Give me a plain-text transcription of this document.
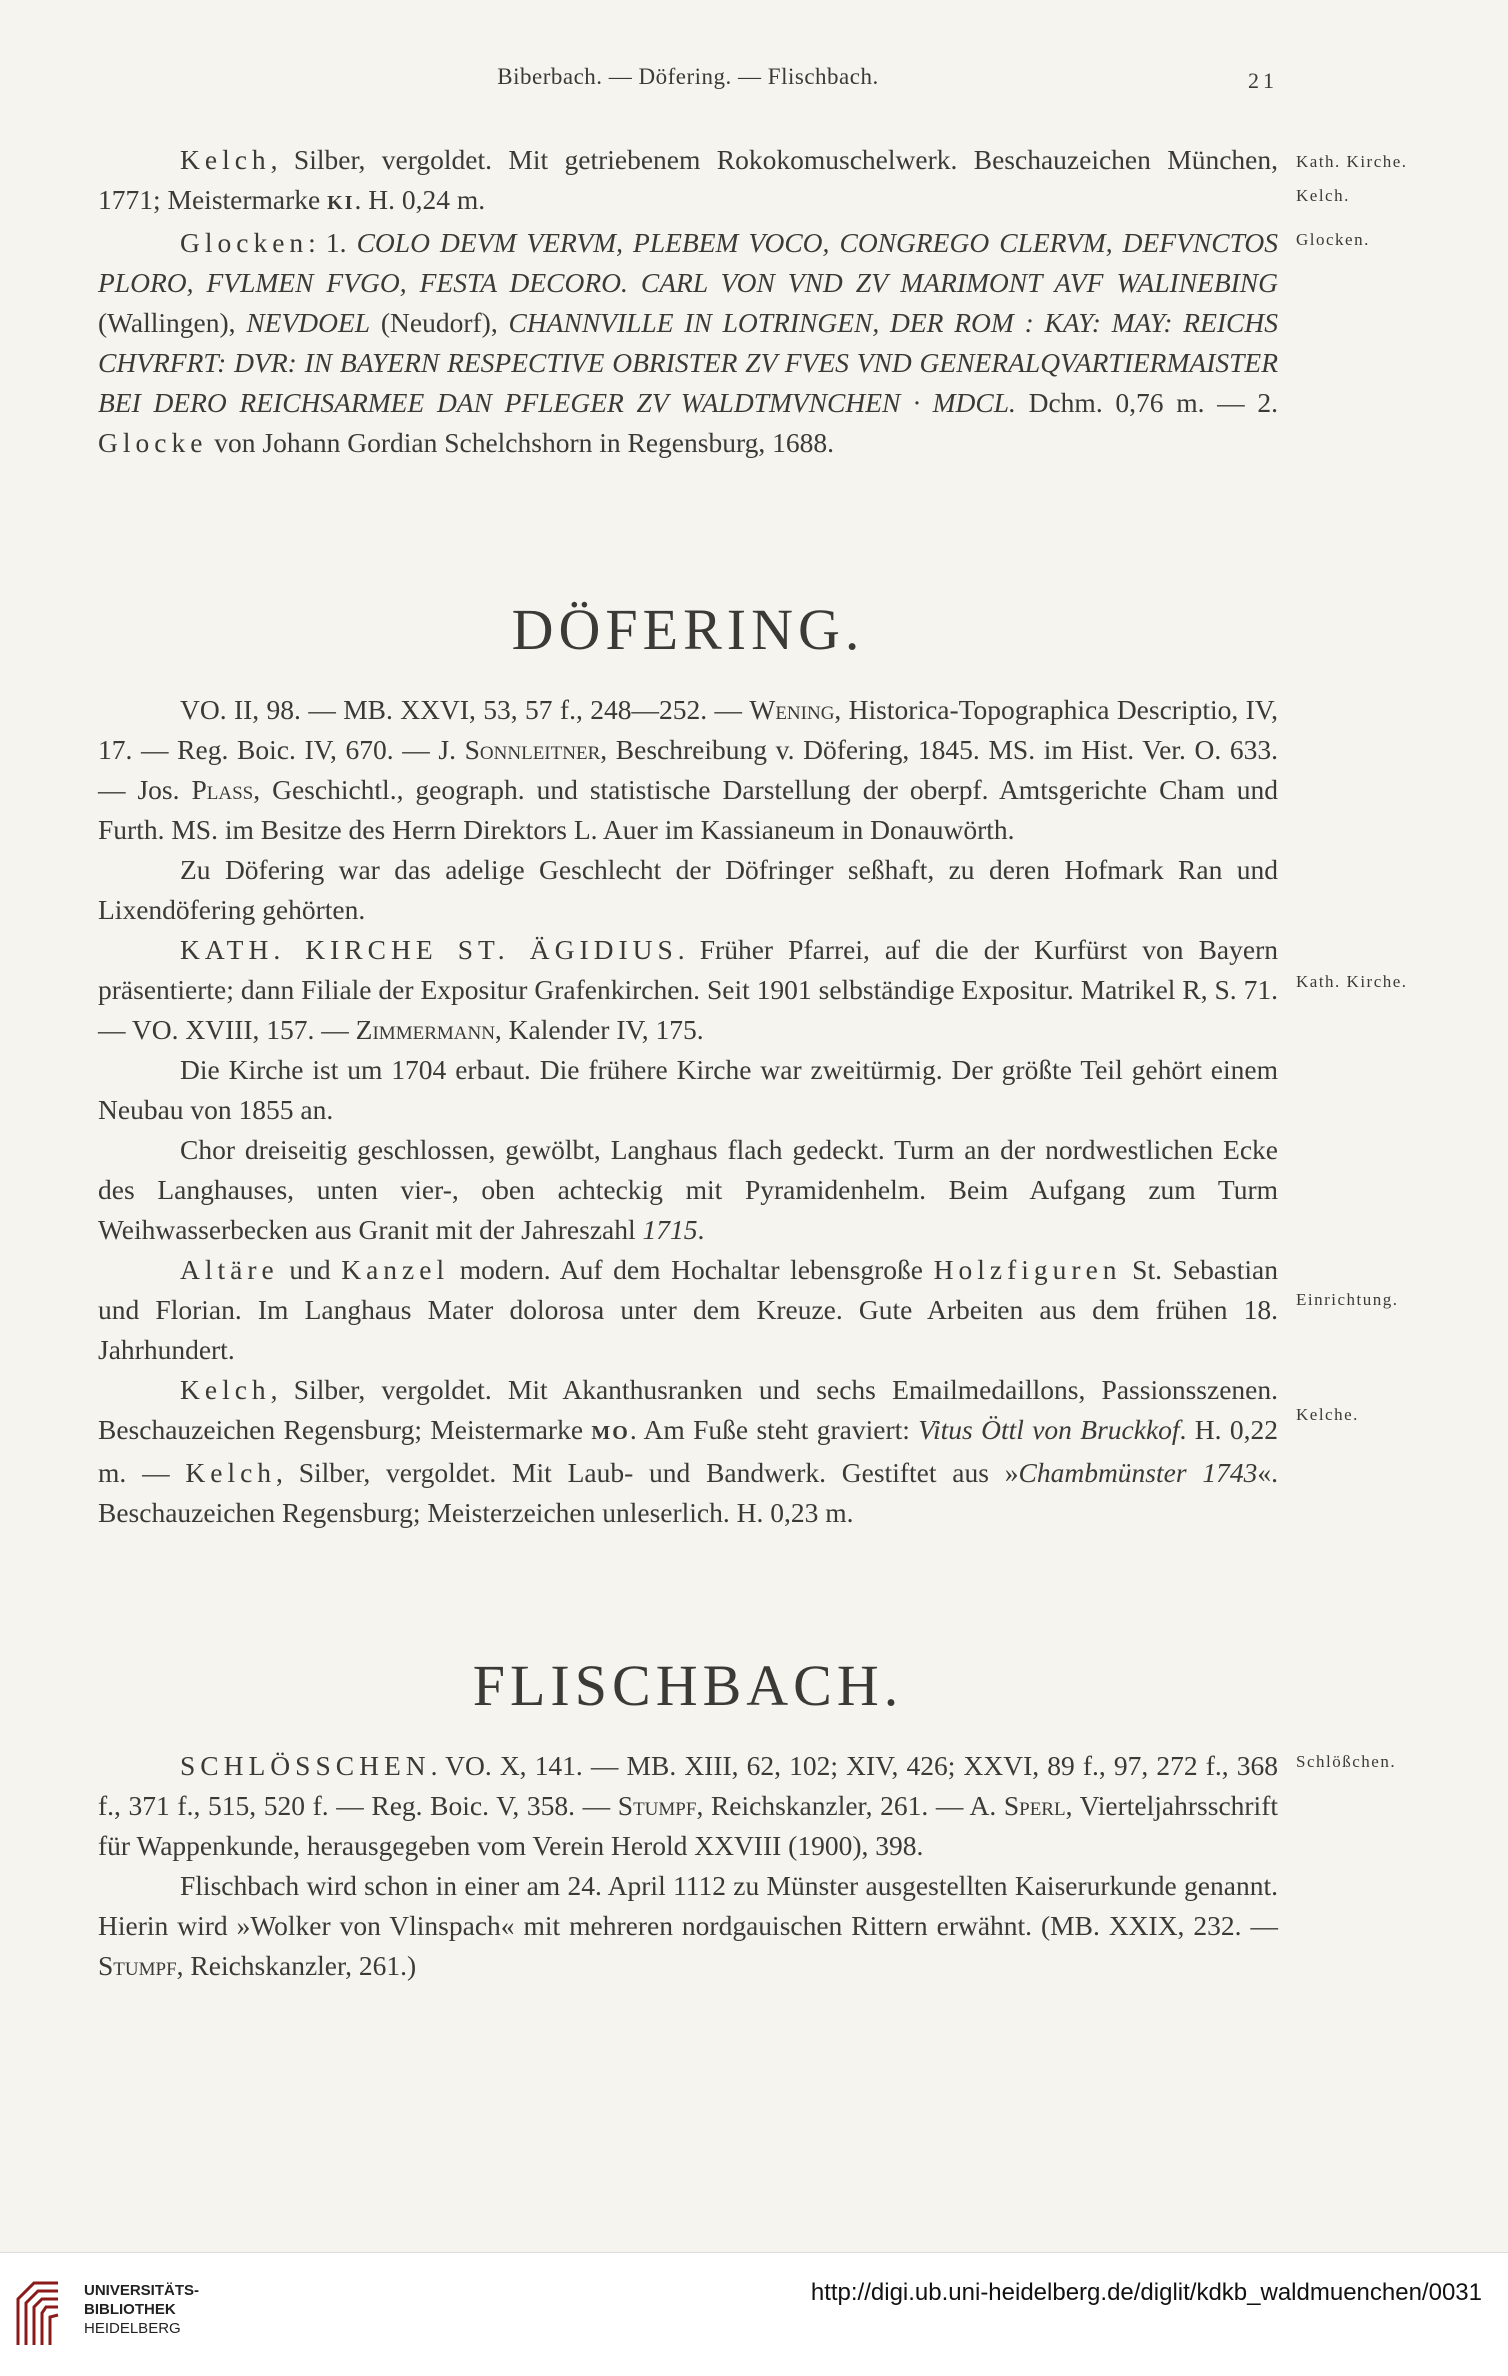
Biberbach. — Döfering. — Flischbach.	21

Kelch, Silber, vergoldet. Mit getriebenem Rokokomuschelwerk. Beschauzeichen München, 1771; Meistermarke KI. H. 0,24 m.

Glocken: 1. COLO DEVM VERVM, PLEBEM VOCO, CONGREGO CLERVM, DEFVNCTOS PLORO, FVLMEN FVGO, FESTA DECORO. CARL VON VND ZV MARIMONT AVF WALINEBING (Wallingen), NEVDOEL (Neudorf), CHANNVILLE IN LOTRINGEN, DER ROM : KAY: MAY: REICHS CHVRFRT: DVR: IN BAYERN RESPECTIVE OBRISTER ZV FVES VND GENERALQVARTIERMAISTER BEI DERO REICHSARMEE DAN PFLEGER ZV WALDTMVNCHEN · MDCL. Dchm. 0,76 m. — 2. Glocke von Johann Gordian Schelchshorn in Regensburg, 1688.

DÖFERING.

VO. II, 98. — MB. XXVI, 53, 57 f., 248—252. — Wening, Historica-Topographica Descriptio, IV, 17. — Reg. Boic. IV, 670. — J. Sonnleitner, Beschreibung v. Döfering, 1845. MS. im Hist. Ver. O. 633. — Jos. Plass, Geschichtl., geograph. und statistische Darstellung der oberpf. Amtsgerichte Cham und Furth. MS. im Besitze des Herrn Direktors L. Auer im Kassianeum in Donauwörth.

Zu Döfering war das adelige Geschlecht der Döfringer seßhaft, zu deren Hofmark Ran und Lixendöfering gehörten.

KATH. KIRCHE ST. ÄGIDIUS. Früher Pfarrei, auf die der Kurfürst von Bayern präsentierte; dann Filiale der Expositur Grafenkirchen. Seit 1901 selbständige Expositur. Matrikel R, S. 71. — VO. XVIII, 157. — Zimmermann, Kalender IV, 175.

Die Kirche ist um 1704 erbaut. Die frühere Kirche war zweitürmig. Der größte Teil gehört einem Neubau von 1855 an.

Chor dreiseitig geschlossen, gewölbt, Langhaus flach gedeckt. Turm an der nordwestlichen Ecke des Langhauses, unten vier-, oben achteckig mit Pyramidenhelm. Beim Aufgang zum Turm Weihwasserbecken aus Granit mit der Jahreszahl 1715.

Altäre und Kanzel modern. Auf dem Hochaltar lebensgroße Holzfiguren St. Sebastian und Florian. Im Langhaus Mater dolorosa unter dem Kreuze. Gute Arbeiten aus dem frühen 18. Jahrhundert.

Kelch, Silber, vergoldet. Mit Akanthusranken und sechs Emailmedaillons, Passionsszenen. Beschauzeichen Regensburg; Meistermarke MO. Am Fuße steht graviert: Vitus Öttl von Bruckkof. H. 0,22 m. — Kelch, Silber, vergoldet. Mit Laub- und Bandwerk. Gestiftet aus »Chambmünster 1743«. Beschauzeichen Regensburg; Meisterzeichen unleserlich. H. 0,23 m.

FLISCHBACH.

SCHLÖSSCHEN. VO. X, 141. — MB. XIII, 62, 102; XIV, 426; XXVI, 89 f., 97, 272 f., 368 f., 371 f., 515, 520 f. — Reg. Boic. V, 358. — Stumpf, Reichskanzler, 261. — A. Sperl, Vierteljahrsschrift für Wappenkunde, herausgegeben vom Verein Herold XXVIII (1900), 398.

Flischbach wird schon in einer am 24. April 1112 zu Münster ausgestellten Kaiserurkunde genannt. Hierin wird »Wolker von Vlinspach« mit mehreren nordgauischen Rittern erwähnt. (MB. XXIX, 232. — Stumpf, Reichskanzler, 261.)

Kath. Kirche.
Kelch.
Glocken.
Kath. Kirche.
Einrichtung.
Kelche.
Schlößchen.
UNIVERSITÄTS-
BIBLIOTHEK
HEIDELBERG
http://digi.ub.uni-heidelberg.de/diglit/kdkb_waldmuenchen/0031
